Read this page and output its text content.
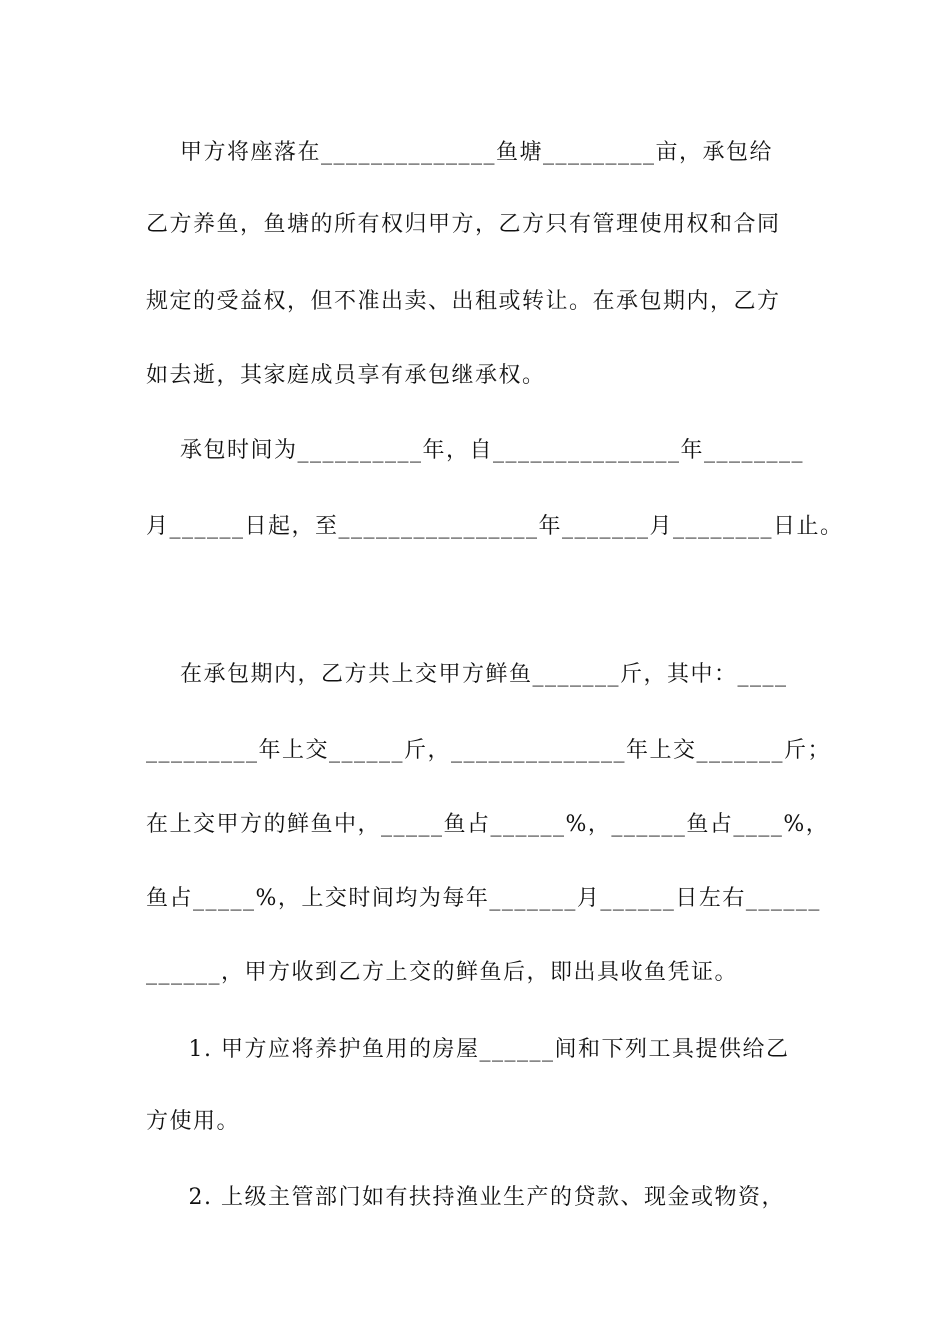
甲方将座落在______________鱼塘_________亩，承包给
乙方养鱼，鱼塘的所有权归甲方，乙方只有管理使用权和合同
规定的受益权，但不准出卖、出租或转让。在承包期内，乙方
如去逝，其家庭成员享有承包继承权。
承包时间为__________年，自_______________年________
月______日起，至________________年_______月________日止。
在承包期内，乙方共上交甲方鲜鱼_______斤，其中：____
_________年上交______斤，______________年上交_______斤；
在上交甲方的鲜鱼中，_____鱼占______%，______鱼占____%，
鱼占_____%，上交时间均为每年_______月______日左右______
______，甲方收到乙方上交的鲜鱼后，即出具收鱼凭证。
1. 甲方应将养护鱼用的房屋______间和下列工具提供给乙
方使用。
2. 上级主管部门如有扶持渔业生产的贷款、现金或物资，
